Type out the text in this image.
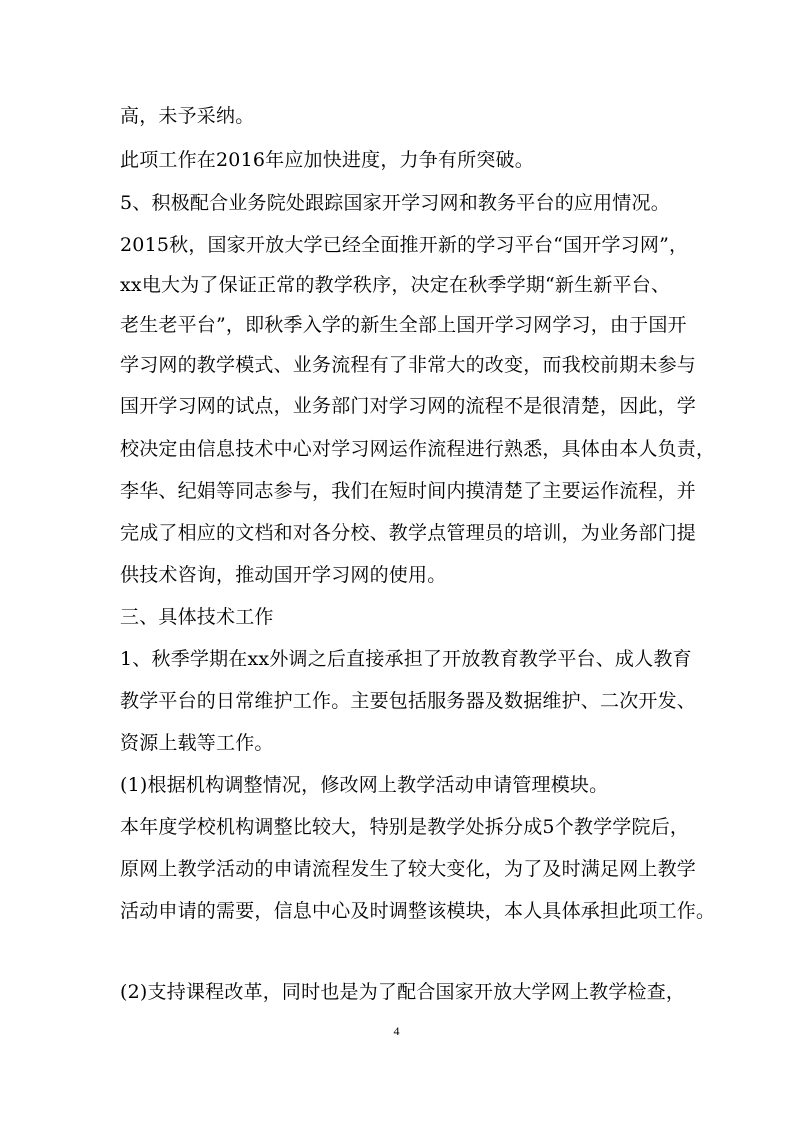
高，未予采纳。
此项工作在2016年应加快进度，力争有所突破。
5、积极配合业务院处跟踪国家开学习网和教务平台的应用情况。
2015秋，国家开放大学已经全面推开新的学习平台“国开学习网”，
xx电大为了保证正常的教学秩序，决定在秋季学期“新生新平台、
老生老平台”，即秋季入学的新生全部上国开学习网学习，由于国开
学习网的教学模式、业务流程有了非常大的改变，而我校前期未参与
国开学习网的试点，业务部门对学习网的流程不是很清楚，因此，学
校决定由信息技术中心对学习网运作流程进行熟悉，具体由本人负责，
李华、纪娟等同志参与，我们在短时间内摸清楚了主要运作流程，并
完成了相应的文档和对各分校、教学点管理员的培训，为业务部门提
供技术咨询，推动国开学习网的使用。
三、具体技术工作
1、秋季学期在xx外调之后直接承担了开放教育教学平台、成人教育
教学平台的日常维护工作。主要包括服务器及数据维护、二次开发、
资源上载等工作。
(1)根据机构调整情况，修改网上教学活动申请管理模块。
本年度学校机构调整比较大，特别是教学处拆分成5个教学学院后，
原网上教学活动的申请流程发生了较大变化，为了及时满足网上教学
活动申请的需要，信息中心及时调整该模块，本人具体承担此项工作。
(2)支持课程改革，同时也是为了配合国家开放大学网上教学检查，
4
